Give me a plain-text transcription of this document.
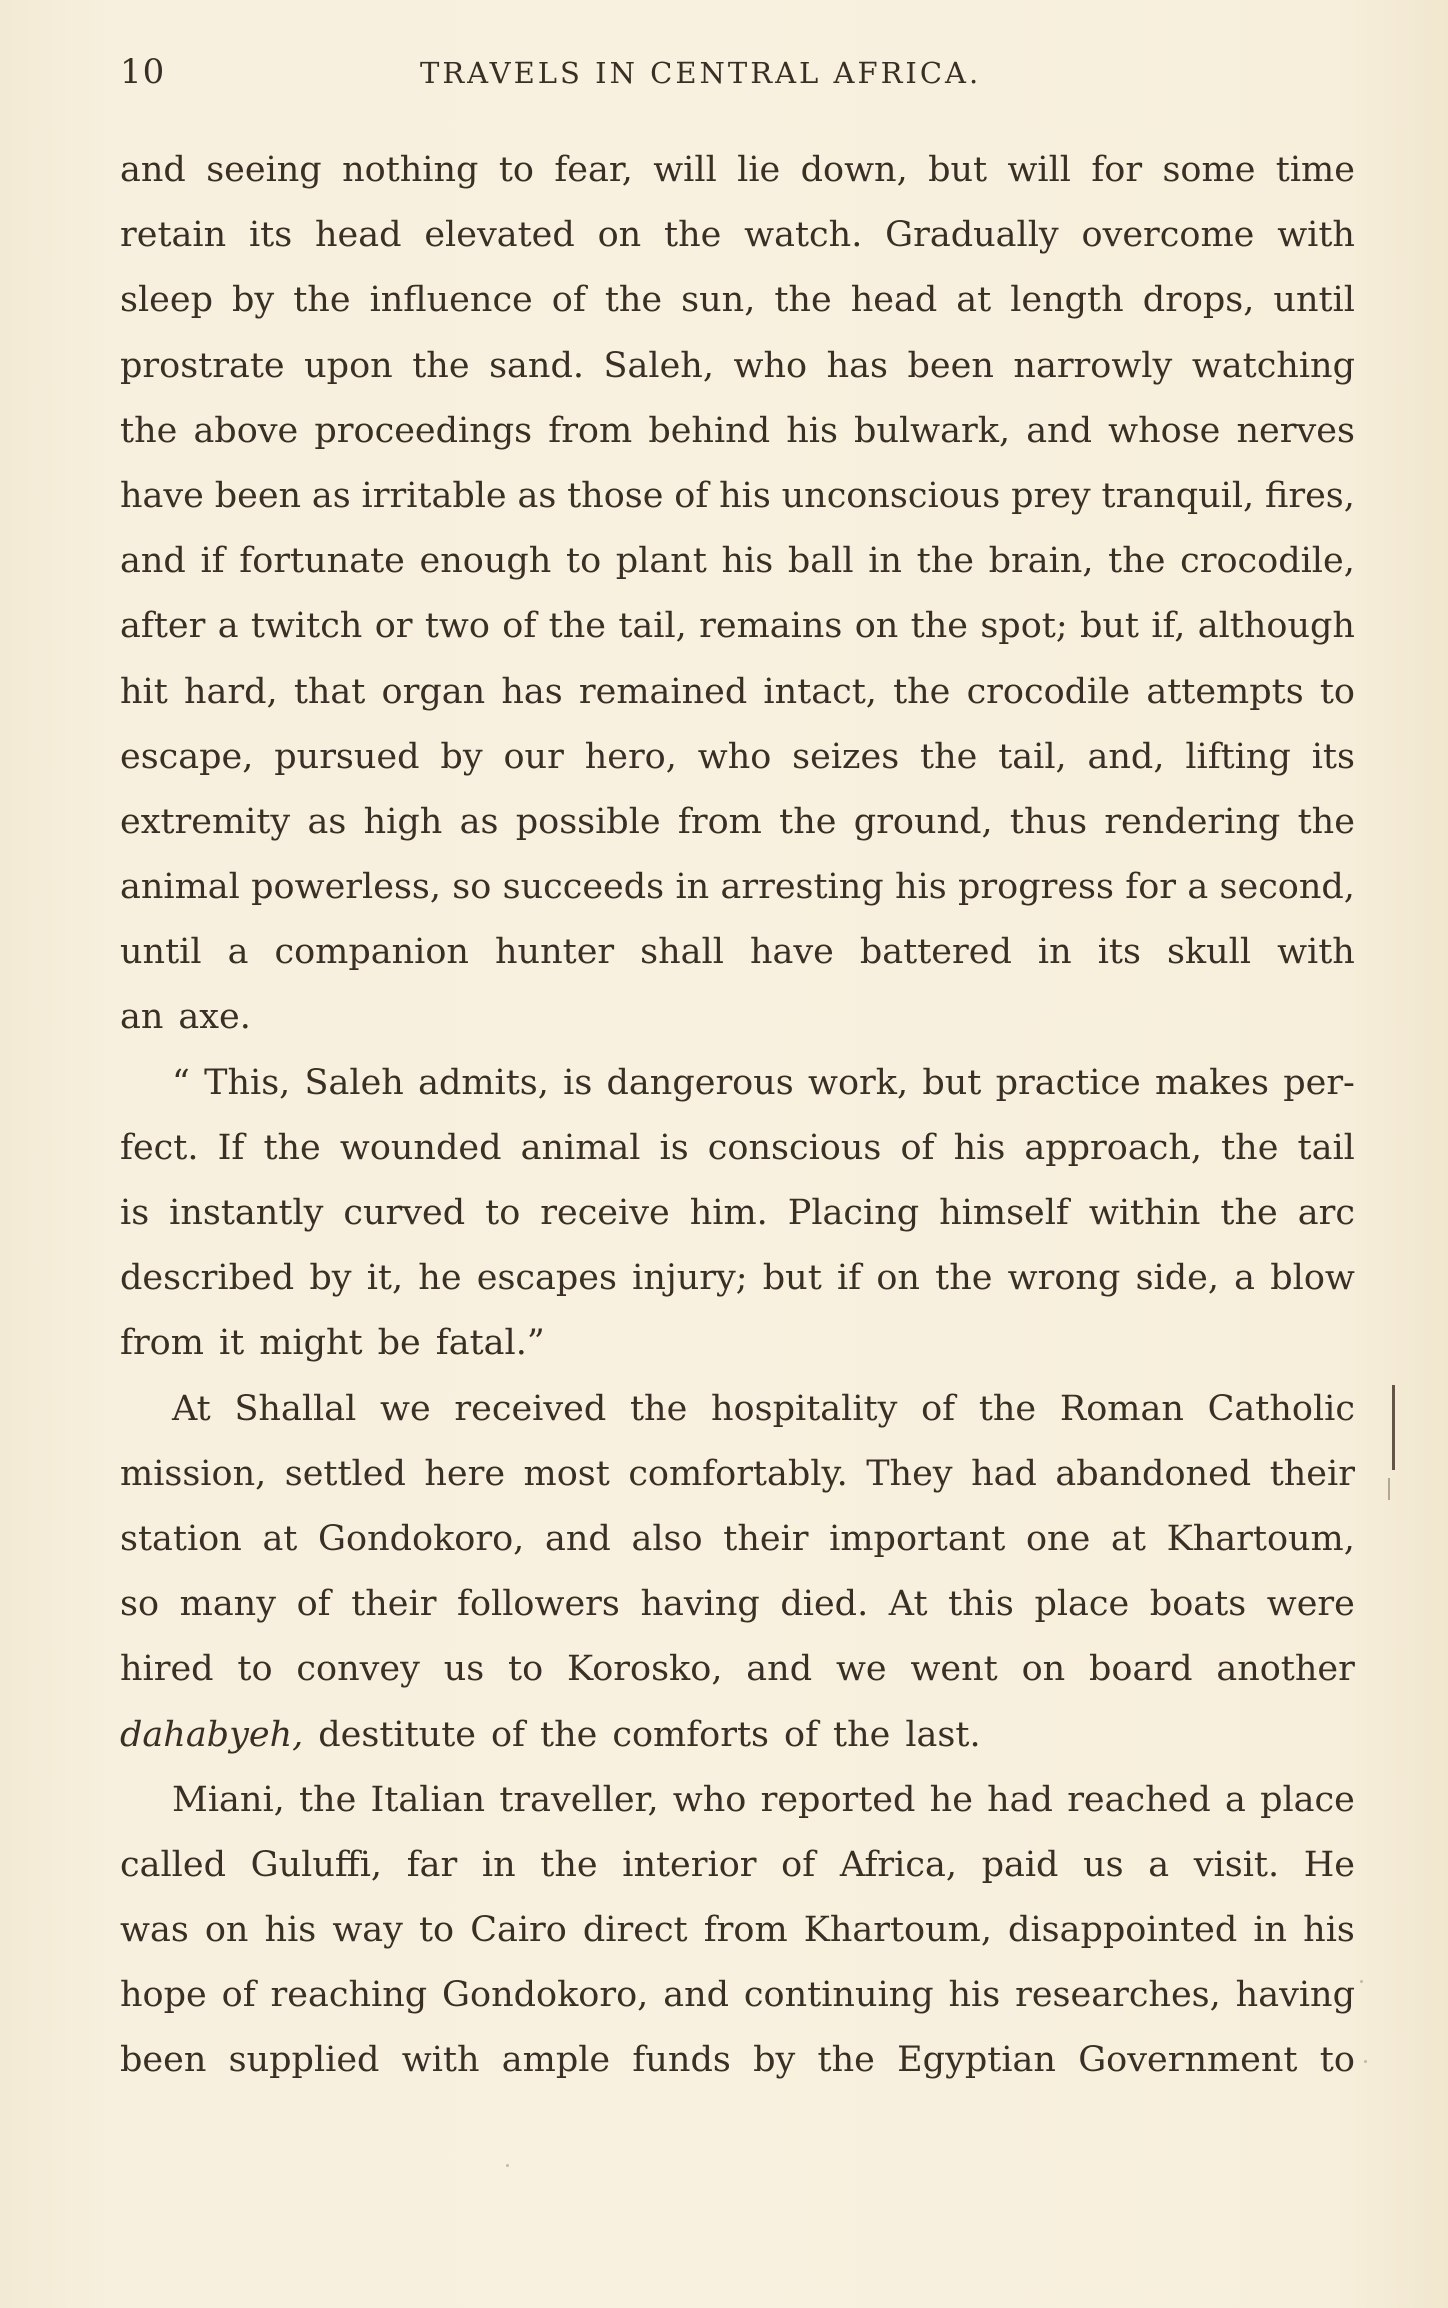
10	TRAVELS IN CENTRAL AFRICA.
and seeing nothing to fear, will lie down, but will for some time
retain its head elevated on the watch. Gradually overcome with
sleep by the influence of the sun, the head at length drops, until
prostrate upon the sand. Saleh, who has been narrowly watching
the above proceedings from behind his bulwark, and whose nerves
have been as irritable as those of his unconscious prey tranquil, fires,
and if fortunate enough to plant his ball in the brain, the crocodile,
after a twitch or two of the tail, remains on the spot; but if, although
hit hard, that organ has remained intact, the crocodile attempts to
escape, pursued by our hero, who seizes the tail, and, lifting its
extremity as high as possible from the ground, thus rendering the
animal powerless, so succeeds in arresting his progress for a second,
until a companion hunter shall have battered in its skull with
an axe.
“ This, Saleh admits, is dangerous work, but practice makes per-
fect. If the wounded animal is conscious of his approach, the tail
is instantly curved to receive him. Placing himself within the arc
described by it, he escapes injury; but if on the wrong side, a blow
from it might be fatal.”
At Shallal we received the hospitality of the Roman Catholic
mission, settled here most comfortably. They had abandoned their
station at Gondokoro, and also their important one at Khartoum,
so many of their followers having died. At this place boats were
hired to convey us to Korosko, and we went on board another
dahabyeh, destitute of the comforts of the last.
Miani, the Italian traveller, who reported he had reached a place
called Guluffi, far in the interior of Africa, paid us a visit. He
was on his way to Cairo direct from Khartoum, disappointed in his
hope of reaching Gondokoro, and continuing his researches, having
been supplied with ample funds by the Egyptian Government to
